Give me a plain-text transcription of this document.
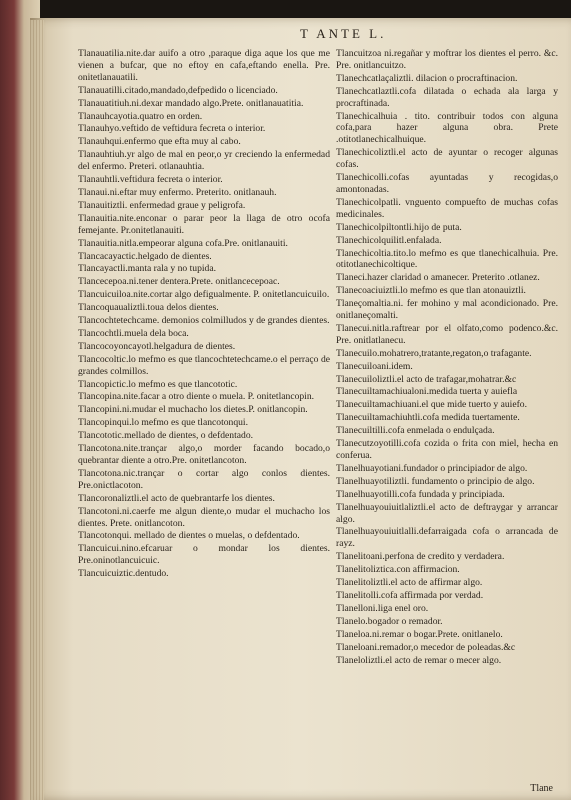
T ANTE L.
Tlanauatilia.nite.dar auifo a otro ,paraque diga aque los que me vienen a bufcar, que no eftoy en cafa,eftando enella. Pre. onitetlanauatili.
Tlanauatilli.citado,mandado,defpedido o licenciado.
Tlanauatitiuh.ni.dexar mandado algo.Prete. onitlanauatitia.
Tlanauhcayotia.quatro en orden.
Tlanauhyo.veftido de veftidura fecreta o interior.
Tlanauhqui.enfermo que efta muy al cabo.
Tlanauhtiuh.yr algo de mal en peor,o yr creciendo la enfermedad del enfermo. Preteri. otlanauhtia.
Tlanauhtli.veftidura fecreta o interior.
Tlanaui.ni.eftar muy enfermo. Preterito. onitlanauh.
Tlanauitiztli. enfermedad graue y peligrofa.
Tlanauitia.nite.enconar o parar peor la llaga de otro ocofa femejante. Pr.onitetlanauiti.
Tlanauitia.nitla.empeorar alguna cofa.Pre. onitlanauiti.
Tlancacayactic.helgado de dientes.
Tlancayactli.manta rala y no tupida.
Tlancecepoa.ni.tener dentera.Prete. onitlancecepoac.
Tlancuicuiloa.nite.cortar algo defigualmente. P. onitetlancuicuilo.
Tlancoquaualiztli.toua delos dientes.
Tlancochtetechcame. demonios colmilludos y de grandes dientes.
Tlancochtli.muela dela boca.
Tlancocoyoncayotl.helgadura de dientes.
Tlancocoltic.lo mefmo es que tlancochtetechcame.o el perraço de grandes colmillos.
Tlancopictic.lo mefmo es que tlancototic.
Tlancopina.nite.facar a otro diente o muela. P. onitetlancopin.
Tlancopini.ni.mudar el muchacho los dietes.P. onitlancopin.
Tlancopinqui.lo mefmo es que tlancotonqui.
Tlancototic.mellado de dientes, o defdentado.
Tlancotona.nite.trançar algo,o morder facando bocado,o quebrantar diente a otro.Pre. onitetlancoton.
Tlancotona.nic.trançar o cortar algo conlos dientes. Pre.onictlacoton.
Tlancoronaliztli.el acto de quebrantarfe los dientes.
Tlancotoni.ni.caerfe me algun diente,o mudar el muchacho los dientes. Prete. onitlancoton.
Tlancotonqui. mellado de dientes o muelas, o defdentado.
Tlancuicui.nino.efcaruar o mondar los dientes. Pre.oninotlancuicuic.
Tlancuicuiztic.dentudo.
Tlancuitzoa ni.regañar y moftrar los dientes el perro. &c. Pre. onitlancuitzo.
Tlanechcatlaçaliztli. dilacion o procraftinacion.
Tlanechcatlaztli.cofa dilatada o echada ala larga y procraftinada.
Tlanechicalhuia . tito. contribuir todos con alguna cofa,para hazer alguna obra. Prete .otitotlanechicalhuique.
Tlanechicoliztli.el acto de ayuntar o recoger algunas cofas.
Tlanechicolli.cofas ayuntadas y recogidas,o amontonadas.
Tlanechicolpatli. vnguento compuefto de muchas cofas medicinales.
Tlanechicolpiltontli.hijo de puta.
Tlanechicolquilitl.enfalada.
Tlanechicoltia.tito.lo mefmo es que tlanechicalhuia. Pre. otitotlanechicoltique.
Tlaneci.hazer claridad o amanecer. Preterito .otlanez.
Tlanecoaciuiztli.lo mefmo es que tlan atonauiztli.
Tlaneçomaltia.ni. fer mohino y mal acondicionado. Pre. onitlaneçomalti.
Tlanecui.nitla.raftrear por el olfato,como podenco.&c. Pre. onitlatlanecu.
Tlanecuilo.mohatrero,tratante,regaton,o trafagante.
Tlanecuiloani.idem.
Tlanecuiloliztli.el acto de trafagar,mohatrar.&c
Tlanecuiltamachiualoni.medida tuerta y auiefla
Tlanecuiltamachiuani.el que mide tuerto y auiefo.
Tlanecuiltamachiuhtli.cofa medida tuertamente.
Tlanecuiltilli.cofa enmelada o endulçada.
Tlanecutzoyotilli.cofa cozida o frita con miel, hecha en conferua.
Tlanelhuayotiani.fundador o principiador de algo.
Tlanelhuayotiliztli. fundamento o principio de algo.
Tlanelhuayotilli.cofa fundada y principiada.
Tlanelhuayouiuitlaliztli.el acto de deftraygar y arrancar algo.
Tlanelhuayouiuitlalli.defarraigada cofa o arrancada de rayz.
Tlanelitoani.perfona de credito y verdadera.
Tlanelitoliztica.con affirmacion.
Tlanelitoliztli.el acto de affirmar algo.
Tlanelitolli.cofa affirmada por verdad.
Tlanelloni.liga enel oro.
Tlanelo.bogador o remador.
Tlaneloa.ni.remar o bogar.Prete. onitlanelo.
Tlaneloani.remador,o mecedor de poleadas.&c
Tlaneloliztli.el acto de remar o mecer algo.
Tlane
